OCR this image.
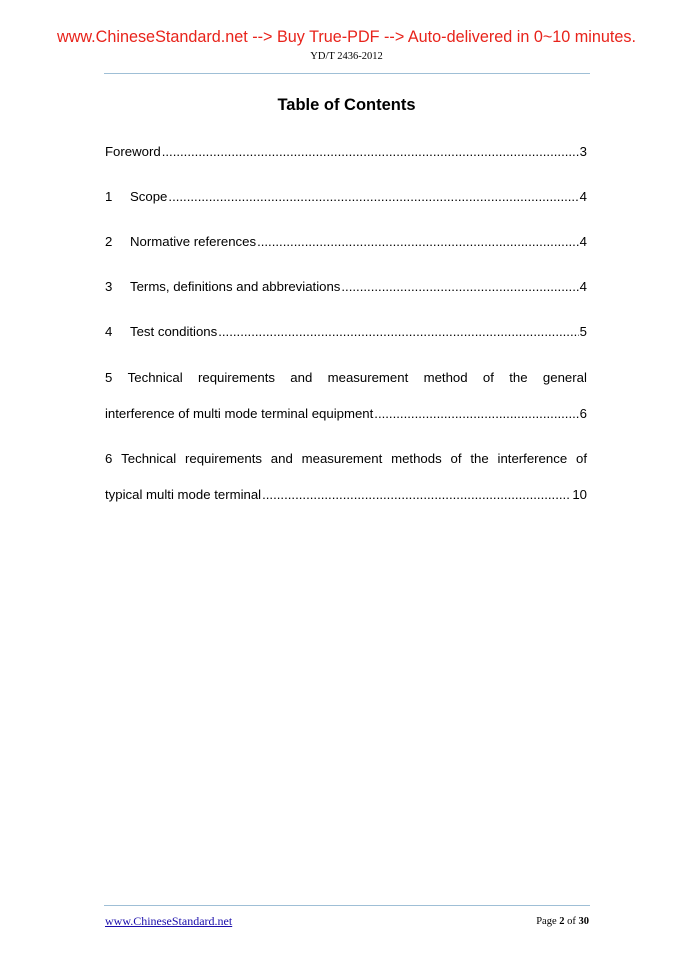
www.ChineseStandard.net --> Buy True-PDF --> Auto-delivered in 0~10 minutes.
YD/T 2436-2012
Table of Contents
Foreword .....	3
1	Scope .....	4
2	Normative references .....	4
3	Terms, definitions and abbreviations .....	4
4	Test conditions .....	5
5 Technical requirements and measurement method of the general
interference of multi mode terminal equipment .....	6
6 Technical requirements and measurement methods of the interference of
typical multi mode terminal .....	10
www.ChineseStandard.net	Page 2 of 30
